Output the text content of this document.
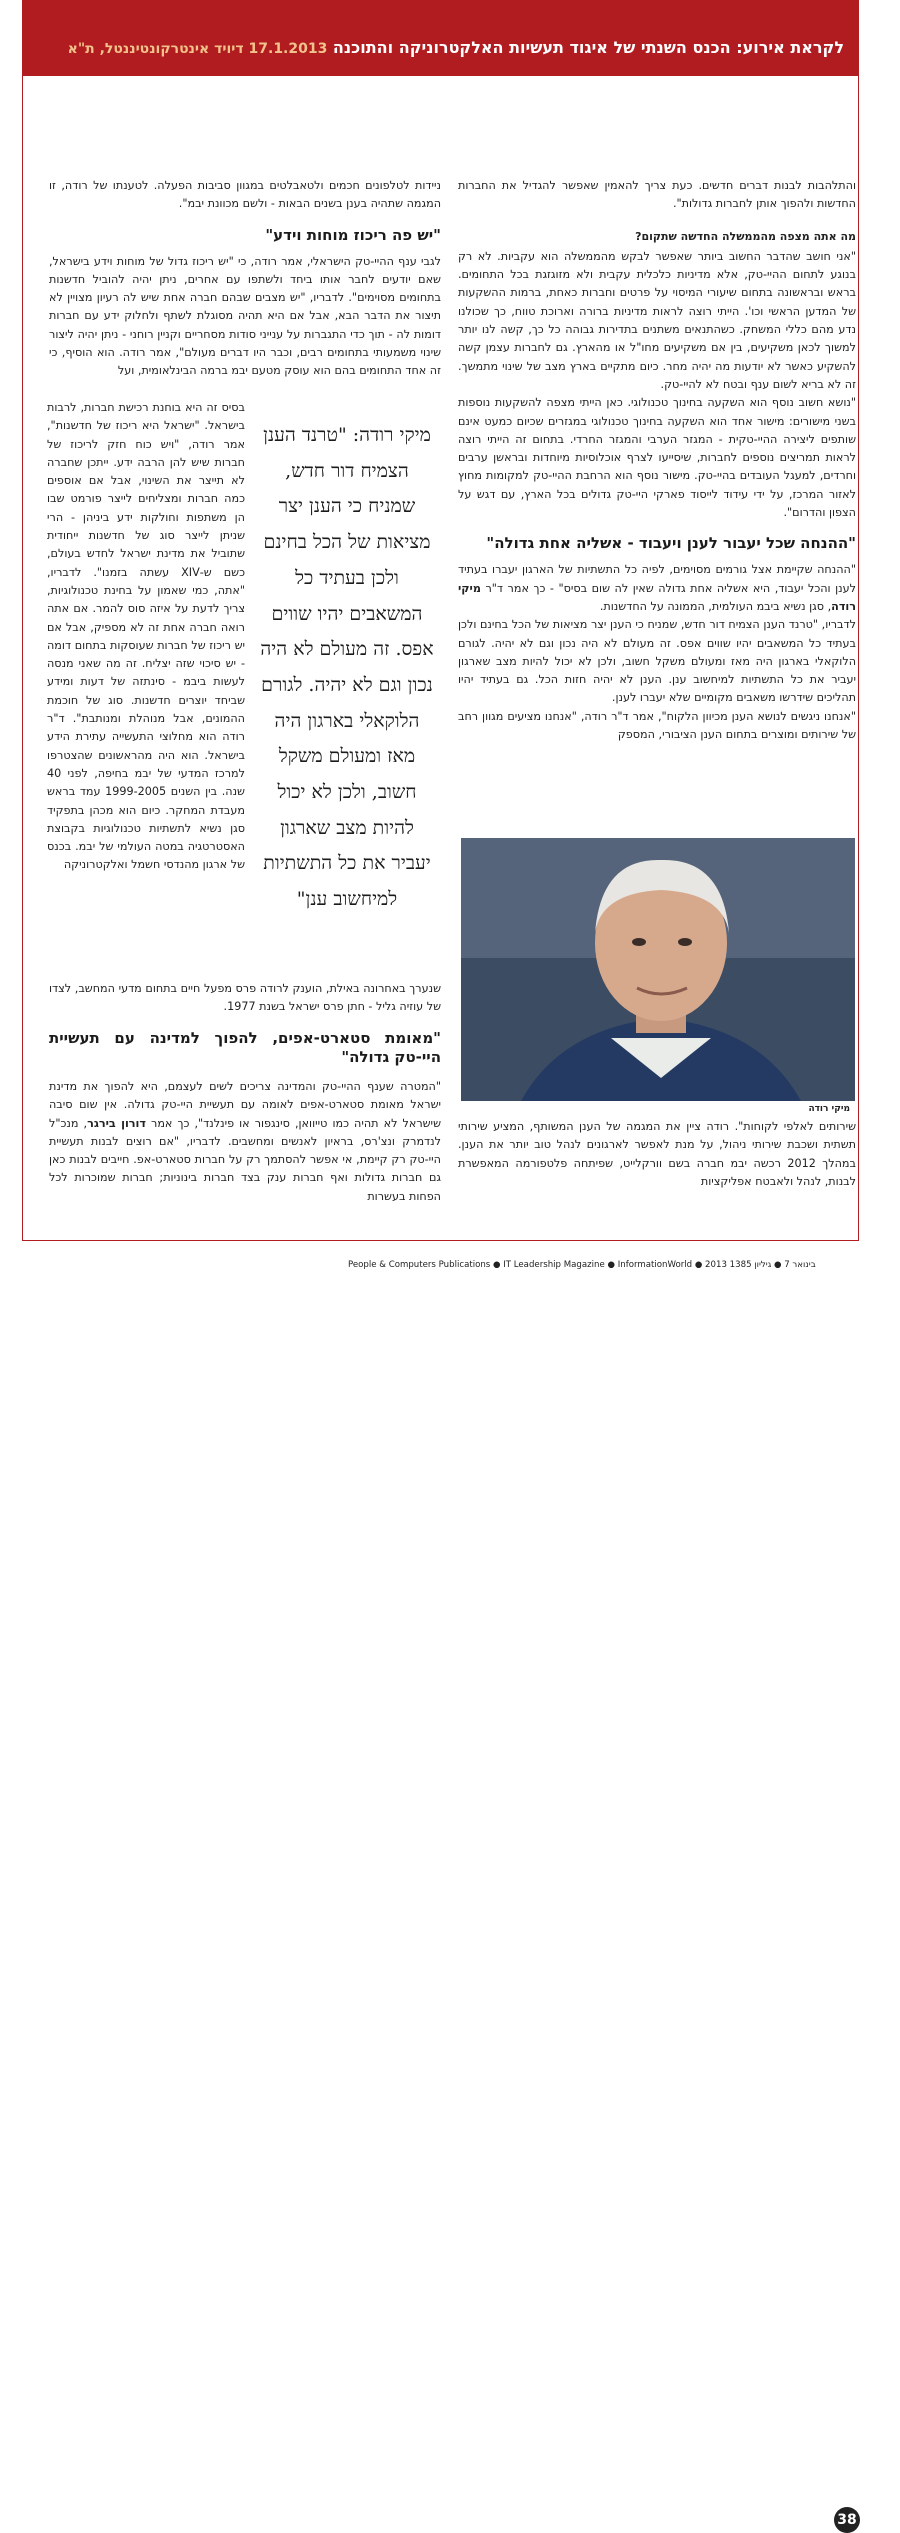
לקראת אירוע: הכנס השנתי של איגוד תעשיות האלקטרוניקה והתוכנה 17.1.2013 דיויד אינטרקונטיננטל, ת"א

והתלהבות לבנות דברים חדשים. כעת צריך להאמין שאפשר להגדיל את החברות החדשות ולהפוך אותן לחברות גדולות".

מה אתה מצפה מהממשלה החדשה שתקום?

"אני חושב שהדבר החשוב ביותר שאפשר לבקש מהממשלה הוא עקביות. לא רק בנוגע לתחום ההיי-טק, אלא מדיניות כלכלית עקבית ולא מזוגזגת בכל התחומים. בראש ובראשונה בתחום שיעורי המיסוי על פרטים וחברות כאחת, ברמות ההשקעות של המדען הראשי וכו'. הייתי רוצה לראות מדיניות ברורה וארוכת טווח, כך שכולנו נדע מהם כללי המשחק. כשהתנאים משתנים בתדירות גבוהה כל כך, קשה לנו יותר למשוך לכאן משקיעים, בין אם משקיעים מחו"ל או מהארץ. גם לחברות עצמן קשה להשקיע כאשר לא יודעות מה יהיה מחר. כיום מתקיים בארץ מצב של שינוי מתמשך. זה לא בריא לשום ענף ובטח לא להיי-טק.

"נושא חשוב נוסף הוא השקעה בחינוך טכנולוגי. כאן הייתי מצפה להשקעות נוספות בשני מישורים: מישור אחד הוא השקעה בחינוך טכנולוגי במגזרים שכיום כמעט אינם שותפים ליצירה ההיי-טקית - המגזר הערבי והמגזר החרדי. בתחום זה הייתי רוצה לראות תמריצים נוספים לחברות, שיסייעו לצרף אוכלוסיות מיוחדות ובראשן ערבים וחרדים, למעגל העובדים בהיי-טק. מישור נוסף הוא הרחבת ההיי-טק למקומות מחוץ לאזור המרכז, על ידי עידוד לייסוד פארקי היי-טק גדולים בכל הארץ, עם דגש על הצפון והדרום".

"ההנחה שכל יעבור לענן ויעבוד - אשליה אחת גדולה"

"ההנחה שקיימת אצל גורמים מסוימים, לפיה כל התשתיות של הארגון יעברו בעתיד לענן והכל יעבוד, היא אשליה אחת גדולה שאין לה שום בסיס" - כך אמר ד"ר מיקי רודה, סגן נשיא ביבמ העולמית, הממונה על החדשנות.

לדבריו, "טרנד הענן הצמיח דור חדש, שמניח כי הענן יצר מציאות של הכל בחינם ולכן בעתיד כל המשאבים יהיו שווים אפס. זה מעולם לא היה נכון וגם לא יהיה. לגורם הלוקאלי בארגון היה מאז ומעולם משקל חשוב, ולכן לא יכול להיות מצב שארגון יעביר את כל התשתיות למיחשוב ענן. הענן לא יהיה חזות הכל. גם בעתיד יהיו תהליכים שידרשו משאבים מקומיים שלא יעברו לענן.

"אנחנו ניגשים לנושא הענן מכיוון הלקוח", אמר ד"ר רודה, "אנחנו מציעים מגוון רחב של שירותים ומוצרים בתחום הענן הציבורי, המספק

מיקי רודה

שירותים לאלפי לקוחות". רודה ציין את המגמה של הענן המשותף, המציע שירותי תשתית ושכבת שירותי ניהול, על מנת לאפשר לארגונים לנהל טוב יותר את הענן. במהלך 2012 רכשה יבמ חברה בשם וורקלייט, שפיתחה פלטפורמה המאפשרת לבנות, לנהל ולאבטח אפליקציות

ניידות לטלפונים חכמים ולטאבלטים במגוון סביבות הפעלה. לטענתו של רודה, זו המגמה שתהיה בענן בשנים הבאות - ולשם מכוונת יבמ".

"יש פה ריכוז מוחות וידע"

לגבי ענף ההיי-טק הישראלי, אמר רודה, כי "יש ריכוז גדול של מוחות וידע בישראל, שאם יודעים לחבר אותו ביחד ולשתפו עם אחרים, ניתן יהיה להוביל חדשנות בתחומים מסוימים". לדבריו, "יש מצבים שבהם חברה אחת שיש לה רעיון מצויין לא תיצור את הדבר הבא, אבל אם היא תהיה מסוגלת לשתף ולחלוק ידע עם חברות דומות לה - תוך כדי התגברות על ענייני סודות מסחריים וקניין רוחני - ניתן יהיה ליצור שינוי משמעותי בתחומים רבים, וכבר היו דברים מעולם", אמר רודה. הוא הוסיף, כי זה אחד התחומים בהם הוא עוסק מטעם יבמ ברמה הבינלאומית, ועל

בסיס זה היא בוחנת רכישת חברות, לרבות בישראל. "ישראל היא ריכוז של חדשנות", אמר רודה, "ויש כוח חזק לריכוז של חברות שיש להן הרבה ידע. ייתכן שחברה לא תייצר את השינוי, אבל אם אוספים כמה חברות ומצליחים לייצר פורמט שבו הן משתפות וחולקות ידע ביניהן - הרי שניתן לייצר סוג של חדשנות ייחודית שתוביל את מדינת ישראל לחדש בעולם, כשם ש-XIV עשתה בזמנו". לדבריו, "אתה, כמי שאמון על בחינת טכנולוגיות, צריך לדעת על איזה סוס להמר. אם אתה רואה חברה אחת זה לא מספיק, אבל אם יש ריכוז של חברות שעוסקות בתחום דומה - יש סיכוי שזה יצליח. זה מה שאני מנסה לעשות ביבמ - סינתזה של דעות ומידע שביחד יוצרים חדשנות. סוג של חוכמת ההמונים, אבל מנוהלת ומנותבת". ד"ר רודה הוא מחלוצי התעשייה עתירת הידע בישראל. הוא היה מהראשונים שהצטרפו למרכז המדעי של יבמ בחיפה, לפני 40 שנה. בין השנים 1999-2005 עמד בראש מעבדת המחקר. כיום הוא מכהן בתפקיד סגן נשיא לתשתיות טכנולוגיות בקבוצת האסטרטגיה במטה העולמי של יבמ. בכנס של ארגון מהנדסי חשמל ואלקטרוניקה
מיקי רודה: "טרנד הענן הצמיח דור חדש, שמניח כי הענן יצר מציאות של הכל בחינם ולכן בעתיד כל המשאבים יהיו שווים אפס. זה מעולם לא היה נכון וגם לא יהיה. לגורם הלוקאלי בארגון היה מאז ומעולם משקל חשוב, ולכן לא יכול להיות מצב שארגון יעביר את כל התשתיות למיחשוב ענן"

שנערך באחרונה באילת, הוענק לרודה פרס מפעל חיים בתחום מדעי המחשב, לצדו של עוזיה גליל - חתן פרס ישראל בשנת 1977.

"מאומת סטארט-אפים, להפוך למדינה עם תעשיית היי-טק גדולה"

"המטרה שענף ההיי-טק והמדינה צריכים לשים לעצמם, היא להפוך את מדינת ישראל מאומת סטארט-אפים לאומה עם תעשיית היי-טק גדולה. אין שום סיבה שישראל לא תהיה כמו טייוואן, סינגפור או פינלנד", כך אמר דורון בירגר, מנכ"ל לנדמרק ונצ'רס, בראיון לאנשים ומחשבים. לדבריו, "אם רוצים לבנות תעשיית היי-טק רק קיימת, אי אפשר להסתמך רק על חברות סטארט-אפ. חייבים לבנות כאן גם חברות גדולות ואף חברות ענק בצד חברות בינוניות; חברות שמוכרות לכל הפחות בעשרות

People & Computers Publications ● IT Leadership Magazine ● InformationWorld ● 2013 בינואר 7 ● גיליון 1385
38
